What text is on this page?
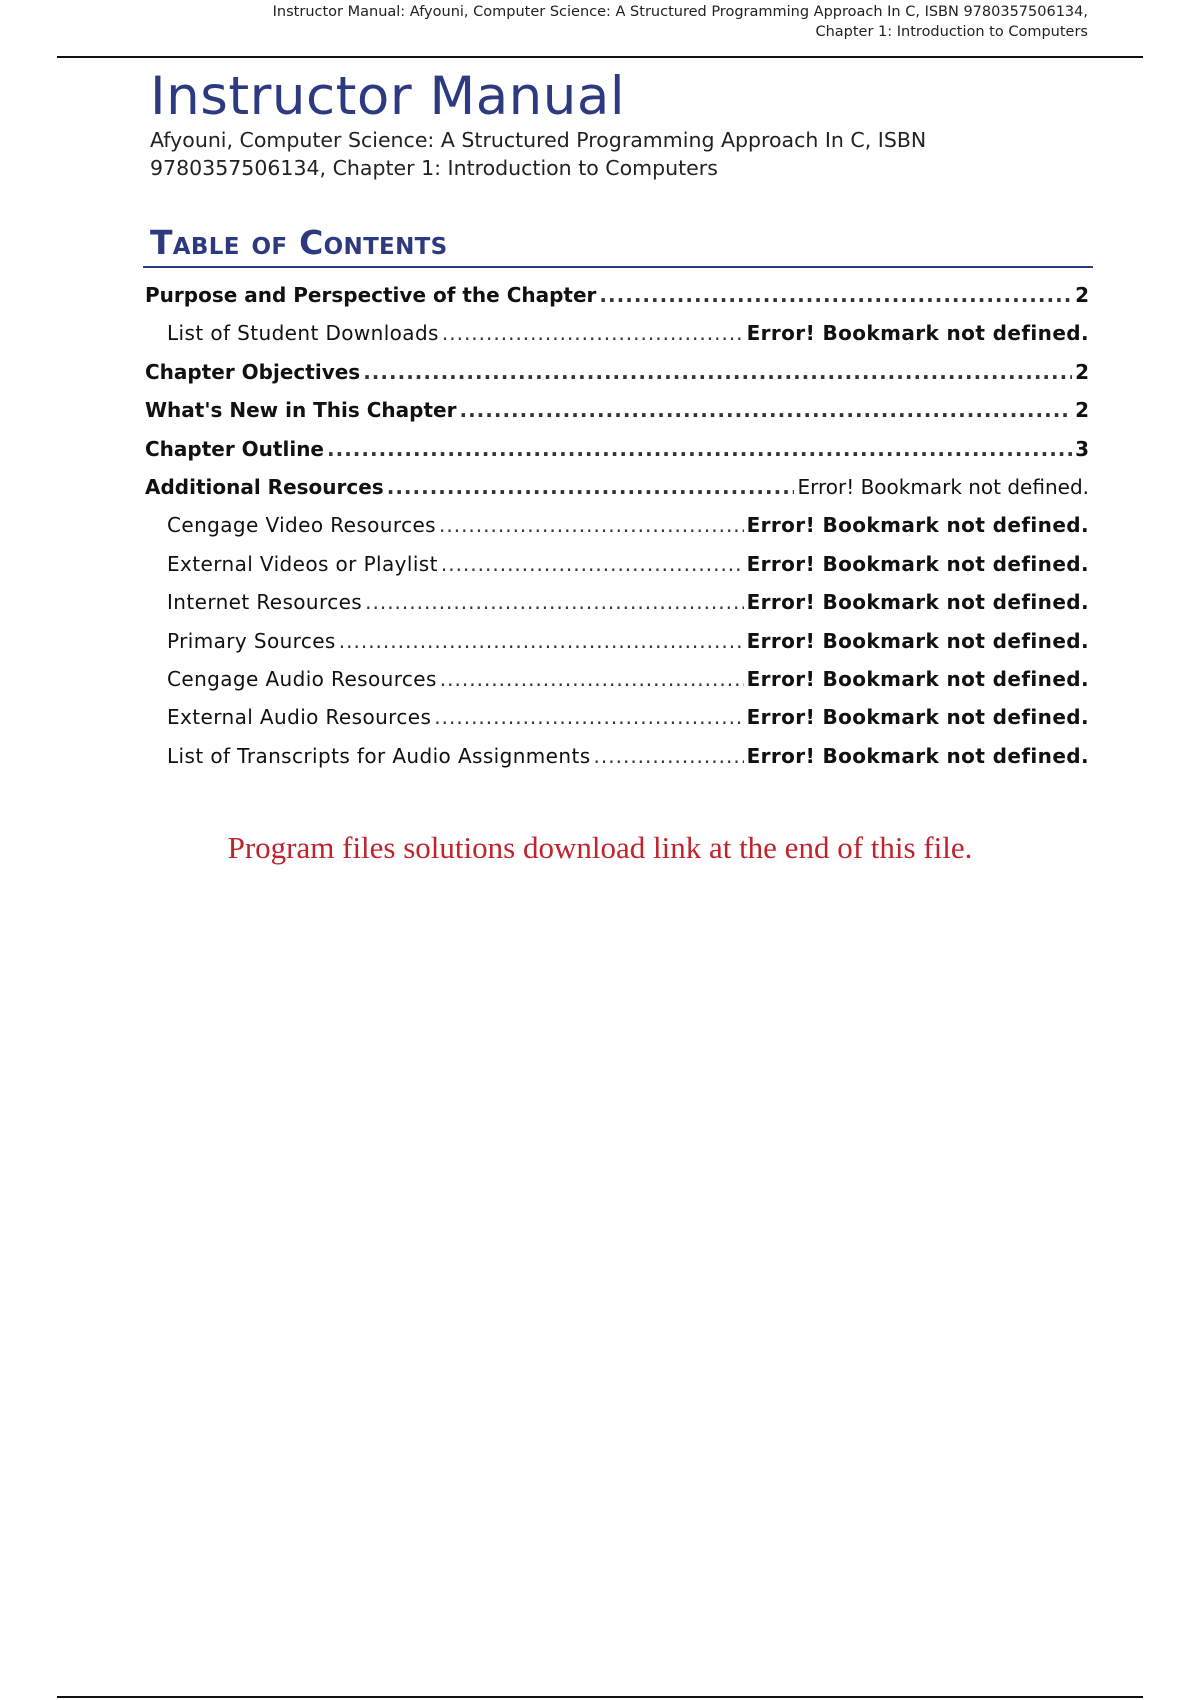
Instructor Manual: Afyouni, Computer Science: A Structured Programming Approach In C, ISBN 9780357506134,
Chapter 1: Introduction to Computers
Instructor Manual

Afyouni, Computer Science: A Structured Programming Approach In C, ISBN 9780357506134, Chapter 1: Introduction to Computers

Table of Contents
Purpose and Perspective of the Chapter .....	2
List of Student Downloads .....	Error! Bookmark not defined.
Chapter Objectives .....	2
What's New in This Chapter .....	2
Chapter Outline .....	3
Additional Resources .....	Error! Bookmark not defined.
Cengage Video Resources .....	Error! Bookmark not defined.
External Videos or Playlist .....	Error! Bookmark not defined.
Internet Resources .....	Error! Bookmark not defined.
Primary Sources .....	Error! Bookmark not defined.
Cengage Audio Resources .....	Error! Bookmark not defined.
External Audio Resources .....	Error! Bookmark not defined.
List of Transcripts for Audio Assignments .....	Error! Bookmark not defined.

Program files solutions download link at the end of this file.
